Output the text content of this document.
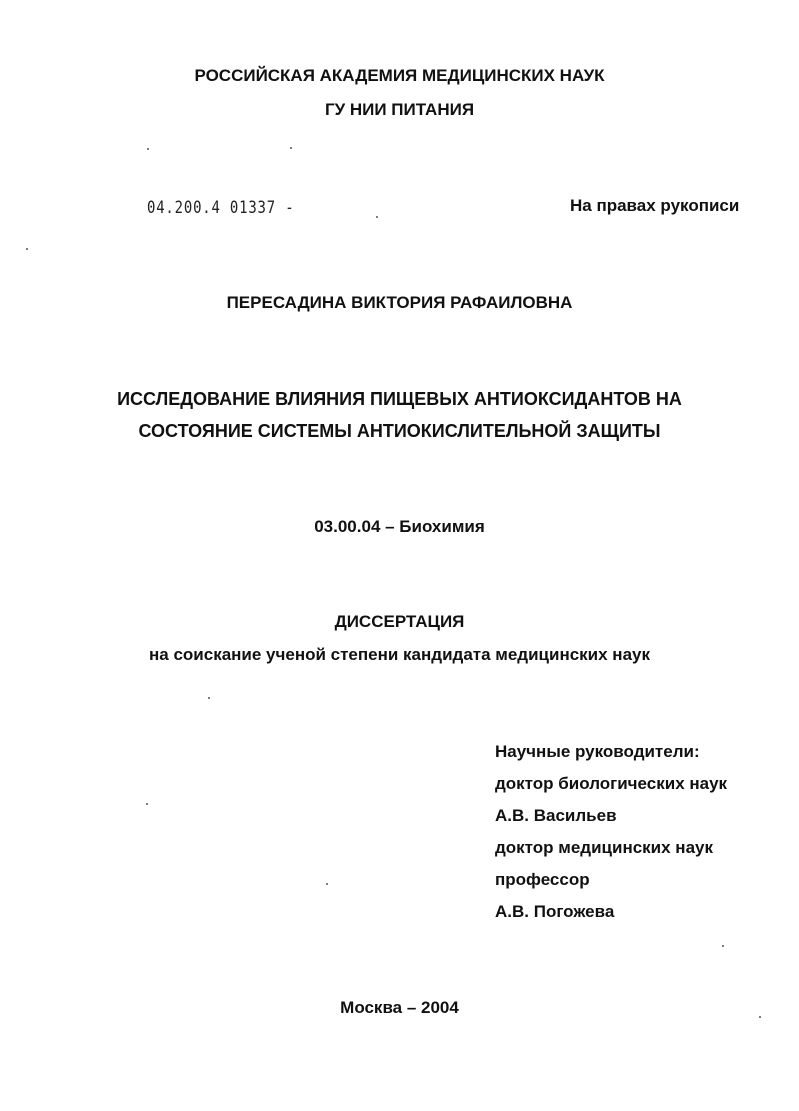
РОССИЙСКАЯ АКАДЕМИЯ МЕДИЦИНСКИХ НАУК
ГУ НИИ ПИТАНИЯ
04.200.4 01337 -	На правах рукописи
ПЕРЕСАДИНА ВИКТОРИЯ РАФАИЛОВНА
ИССЛЕДОВАНИЕ ВЛИЯНИЯ ПИЩЕВЫХ АНТИОКСИДАНТОВ НА
СОСТОЯНИЕ СИСТЕМЫ АНТИОКИСЛИТЕЛЬНОЙ ЗАЩИТЫ
03.00.04 – Биохимия
ДИССЕРТАЦИЯ
на соискание ученой степени кандидата медицинских наук
Научные руководители:
доктор биологических наук
А.В. Васильев
доктор медицинских наук
профессор
А.В. Погожева
Москва – 2004
